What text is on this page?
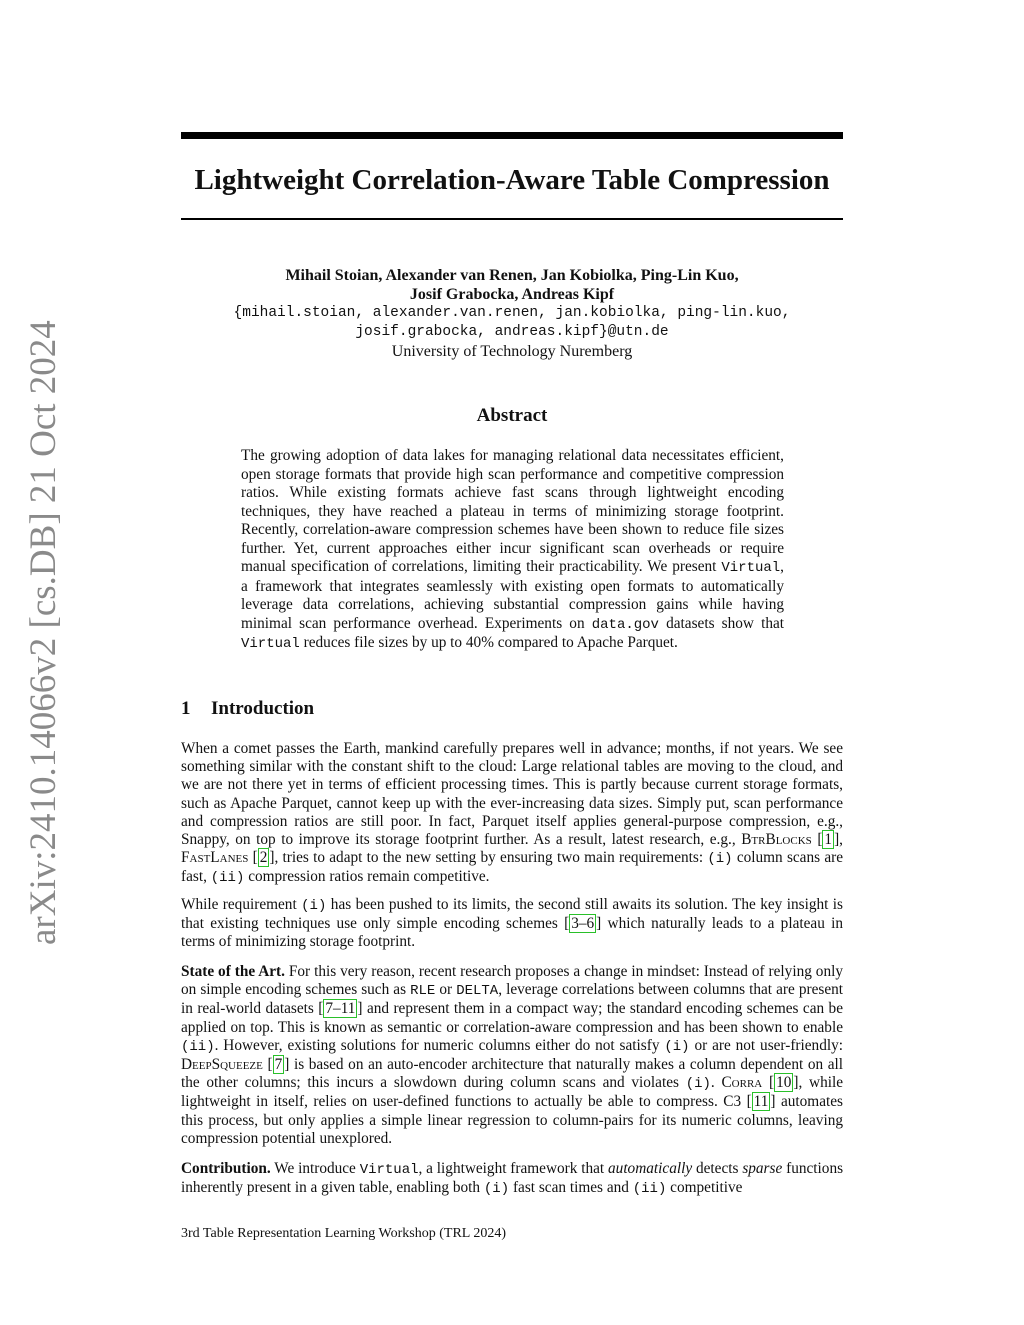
arXiv:2410.14066v2 [cs.DB] 21 Oct 2024
Lightweight Correlation-Aware Table Compression
Mihail Stoian, Alexander van Renen, Jan Kobiolka, Ping-Lin Kuo,
Josif Grabocka, Andreas Kipf
{mihail.stoian, alexander.van.renen, jan.kobiolka, ping-lin.kuo,
josif.grabocka, andreas.kipf}@utn.de
University of Technology Nuremberg
Abstract

The growing adoption of data lakes for managing relational data necessitates efficient, open storage formats that provide high scan performance and competitive compression ratios. While existing formats achieve fast scans through lightweight encoding techniques, they have reached a plateau in terms of minimizing storage footprint. Recently, correlation-aware compression schemes have been shown to reduce file sizes further. Yet, current approaches either incur significant scan overheads or require manual specification of correlations, limiting their practicability. We present Virtual, a framework that integrates seamlessly with existing open formats to automatically leverage data correlations, achieving substantial compression gains while having minimal scan performance overhead. Experiments on data.gov datasets show that Virtual reduces file sizes by up to 40% compared to Apache Parquet.

1 Introduction

When a comet passes the Earth, mankind carefully prepares well in advance; months, if not years. We see something similar with the constant shift to the cloud: Large relational tables are moving to the cloud, and we are not there yet in terms of efficient processing times. This is partly because current storage formats, such as Apache Parquet, cannot keep up with the ever-increasing data sizes. Simply put, scan performance and compression ratios are still poor. In fact, Parquet itself applies general-purpose compression, e.g., Snappy, on top to improve its storage footprint further. As a result, latest research, e.g., BtrBlocks [ 1 ], FastLanes [ 2 ], tries to adapt to the new setting by ensuring two main requirements: (i) column scans are fast, (ii) compression ratios remain competitive.

While requirement (i) has been pushed to its limits, the second still awaits its solution. The key insight is that existing techniques use only simple encoding schemes [ 3–6 ] which naturally leads to a plateau in terms of minimizing storage footprint.

State of the Art. For this very reason, recent research proposes a change in mindset: Instead of relying only on simple encoding schemes such as RLE or DELTA, leverage correlations between columns that are present in real-world datasets [ 7–11 ] and represent them in a compact way; the standard encoding schemes can be applied on top. This is known as semantic or correlation-aware compression and has been shown to enable (ii). However, existing solutions for numeric columns either do not satisfy (i) or are not user-friendly: DeepSqueeze [ 7 ] is based on an auto-encoder architecture that naturally makes a column dependent on all the other columns; this incurs a slowdown during column scans and violates (i). Corra [ 10 ], while lightweight in itself, relies on user-defined functions to actually be able to compress. C3 [ 11 ] automates this process, but only applies a simple linear regression to column-pairs for its numeric columns, leaving compression potential unexplored.

Contribution. We introduce Virtual, a lightweight framework that automatically detects sparse functions inherently present in a given table, enabling both (i) fast scan times and (ii) competitive

3rd Table Representation Learning Workshop (TRL 2024)
